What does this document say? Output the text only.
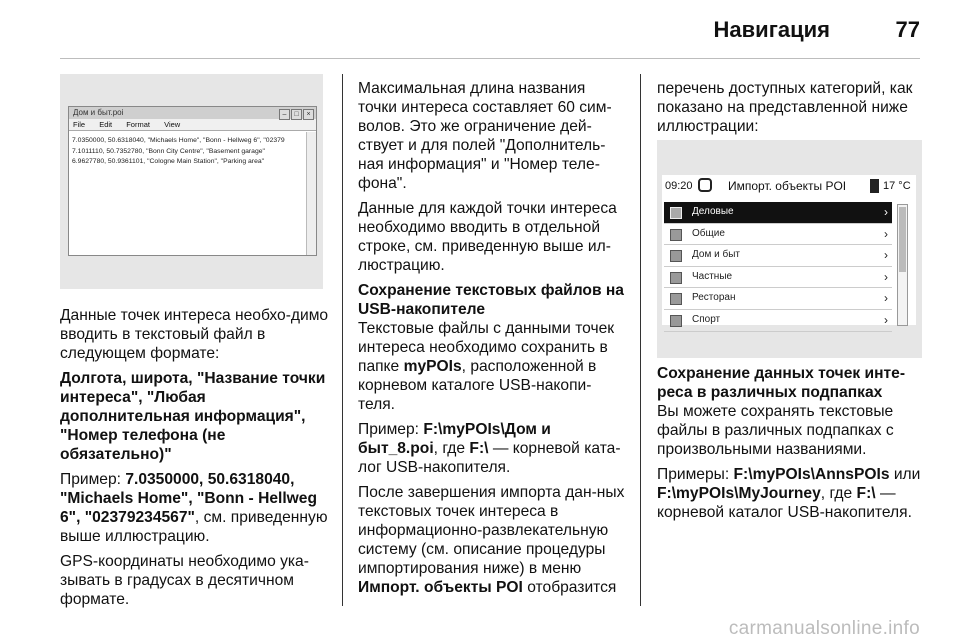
Навигация	77
Дом и быт.poi	– □ ×
File Edit Format View
7.0350000, 50.6318040, "Michaels Home", "Bonn - Hellweg 6", "02379
7.1011110, 50.7352780, "Bonn City Centre", "Basement garage"
6.9627780, 50.9361101, "Cologne Main Station", "Parking area"

Данные точек интереса необхо-димо вводить в текстовый файл в следующем формате:

Долгота, широта, "Название точки интереса", "Любая дополнительная информация", "Номер телефона (не обязательно)"

Пример: 7.0350000, 50.6318040, "Michaels Home", "Bonn - Hellweg 6", "02379234567", см. приведенную выше иллюстрацию.

GPS-координаты необходимо ука-зывать в градусах в десятичном формате.

Максимальная длина названия точки интереса составляет 60 сим-волов. Это же ограничение дей-ствует и для полей "Дополнитель-ная информация" и "Номер теле-фона".

Данные для каждой точки интереса необходимо вводить в отдельной строке, см. приведенную выше ил-люстрацию.

Сохранение текстовых файлов на USB-накопителе

Текстовые файлы с данными точек интереса необходимо сохранить в папке myPOIs, расположенной в корневом каталоге USB-накопи-теля.

Пример: F:\myPOIs\Дом и быт_8.poi, где F:\ — корневой ката-лог USB-накопителя.

После завершения импорта дан-ных текстовых точек интереса в информационно-развлекательную систему (см. описание процедуры импортирования ниже) в меню Импорт. объекты POI отобразится

перечень доступных категорий, как показано на представленной ниже иллюстрации:

09:20	Импорт. объекты POI	17 °C
Деловые	›
Общие	›
Дом и быт	›
Частные	›
Ресторан	›
Спорт	›
Сохранение данных точек инте-реса в различных подпапках

Вы можете сохранять текстовые файлы в различных подпапках с произвольными названиями.

Примеры: F:\myPOIs\AnnsPOIs или F:\myPOIs\MyJourney, где F:\ — корневой каталог USB-накопителя.

carmanualsonline.info
